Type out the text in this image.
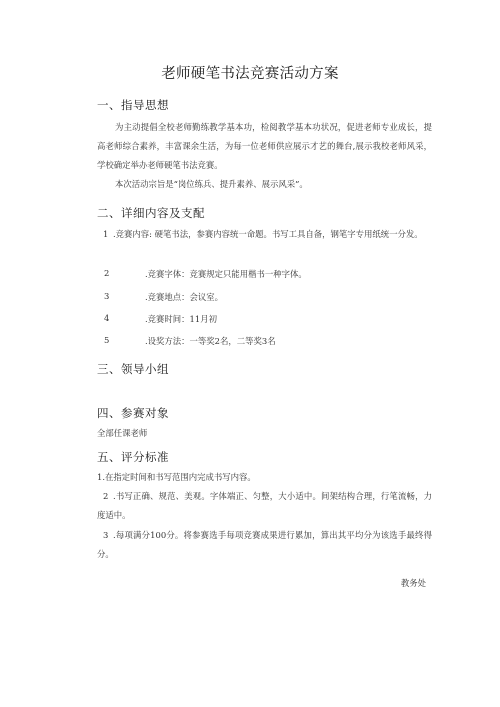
老师硬笔书法竞赛活动方案
一、指导思想
为主动提倡全校老师勤练教学基本功，检阅教学基本功状况，促进老师专业成长，提高老师综合素养，丰富课余生活，为每一位老师供应展示才艺的舞台,展示我校老师风采，学校确定举办老师硬笔书法竞赛。
本次活动宗旨是“岗位练兵、提升素养、展示风采”。
二、详细内容及支配
1 .竞赛内容: 硬笔书法，参赛内容统一命题。书写工具自备，钢笔字专用纸统一分发。
2	.竞赛字体：竞赛规定只能用楷书一种字体。
3	.竞赛地点：会议室。
4	.竞赛时间：11月初
5	.设奖方法：一等奖2名，二等奖3名
三、领导小组
四、参赛对象
全部任课老师
五、评分标准
1.在指定时间和书写范围内完成书写内容。
2 .书写正确、规范、美观。字体端正、匀整，大小适中。间架结构合理，行笔流畅，力度适中。
3 .每项满分100分。将参赛选手每项竞赛成果进行累加，算出其平均分为该选手最终得分。
教务处
